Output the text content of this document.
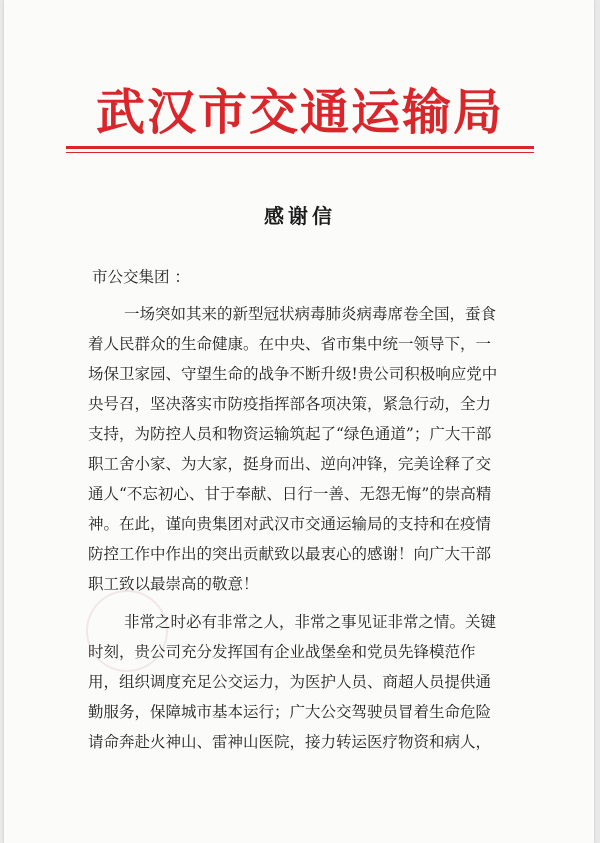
武汉市交通运输局
感谢信
市公交集团 ：
一场突如其来的新型冠状病毒肺炎病毒席卷全国，蚕食
着人民群众的生命健康。在中央、省市集中统一领导下，一
场保卫家园、守望生命的战争不断升级!贵公司积极响应党中
央号召，坚决落实市防疫指挥部各项决策，紧急行动，全力
支持，为防控人员和物资运输筑起了“绿色通道”；广大干部
职工舍小家、为大家，挺身而出、逆向冲锋，完美诠释了交
通人“不忘初心、甘于奉献、日行一善、无怨无悔”的崇高精
神。在此，谨向贵集团对武汉市交通运输局的支持和在疫情
防控工作中作出的突出贡献致以最衷心的感谢！向广大干部
职工致以最崇高的敬意！
非常之时必有非常之人，非常之事见证非常之情。关键
时刻，贵公司充分发挥国有企业战堡垒和党员先锋模范作
用，组织调度充足公交运力，为医护人员、商超人员提供通
勤服务，保障城市基本运行；广大公交驾驶员冒着生命危险
请命奔赴火神山、雷神山医院，接力转运医疗物资和病人，
